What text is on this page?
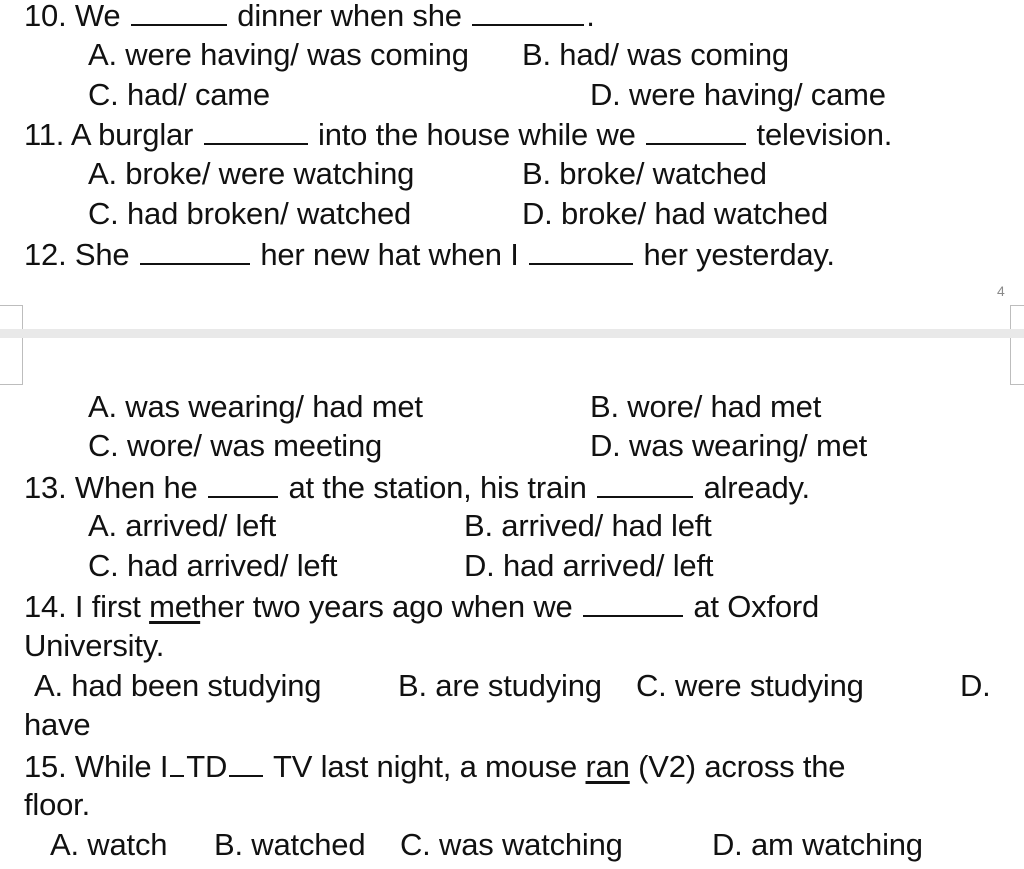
10. We	dinner when she	.
A. were having/ was coming B. had/ was coming
C. had/ came	D. were having/ came
11. A burglar	into the house while we	television.
A. broke/ were watching	B. broke/ watched
C. had broken/ watched	D. broke/ had watched
12. She	her new hat when I	her yesterday.
4
A. was wearing/ had met	B. wore/ had met
C. wore/ was meeting	D. was wearing/ met
13. When he	at the station, his train	already.
A. arrived/ left	B. arrived/ had left
C. had arrived/ left	D. had arrived/ left
14. I first mether two years ago when we	at Oxford
University.
A. had been studying B. are studying C. were studying	D.
have
15. While I TD TV last night, a mouse ran (V2) across the
floor.
A. watch B. watched C. was watching	D. am watching
